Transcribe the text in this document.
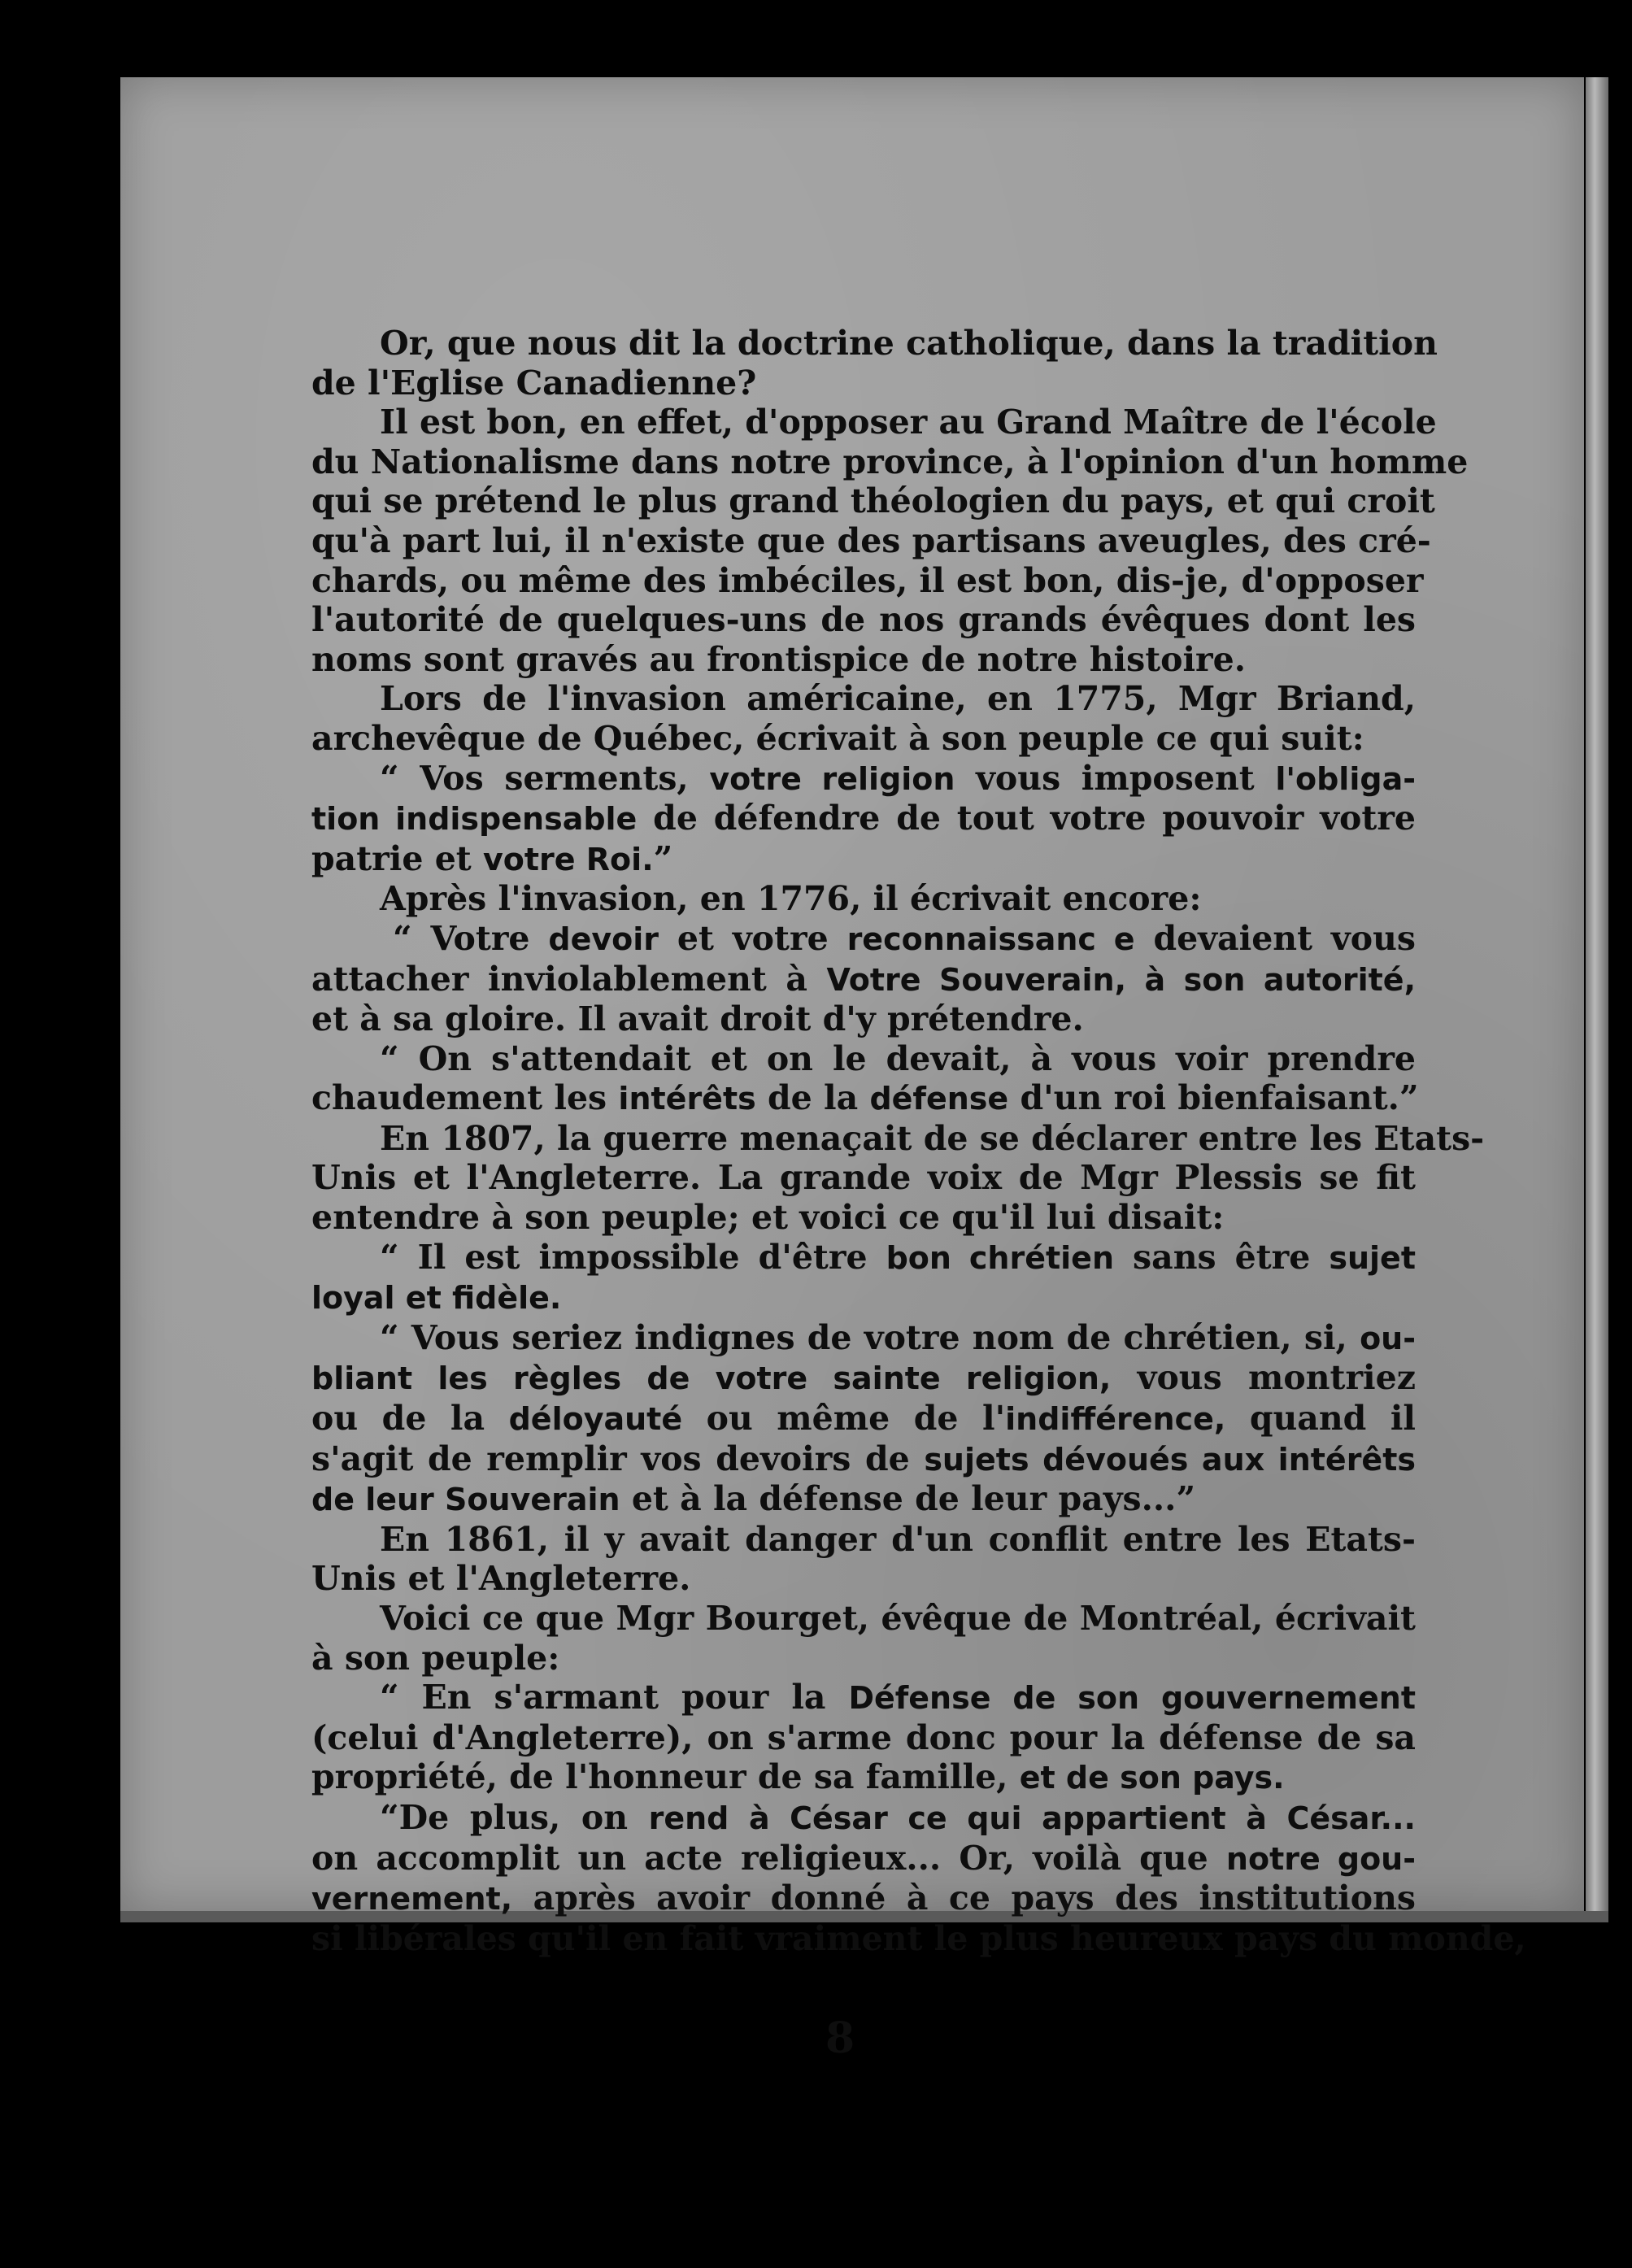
Or, que nous dit la doctrine catholique, dans la tradition
de l'Eglise Canadienne?
Il est bon, en effet, d'opposer au Grand Maître de l'école
du Nationalisme dans notre province, à l'opinion d'un homme
qui se prétend le plus grand théologien du pays, et qui croit
qu'à part lui, il n'existe que des partisans aveugles, des cré-
chards, ou même des imbéciles, il est bon, dis-je, d'opposer
l'autorité de quelques-uns de nos grands évêques dont les
noms sont gravés au frontispice de notre histoire.
Lors de l'invasion américaine, en 1775, Mgr Briand,
archevêque de Québec, écrivait à son peuple ce qui suit:
“ Vos serments, votre religion vous imposent l'obliga-
tion indispensable de défendre de tout votre pouvoir votre
patrie et votre Roi.”
Après l'invasion, en 1776, il écrivait encore:
“ Votre devoir et votre reconnaissanc e devaient vous
attacher inviolablement à Votre Souverain, à son autorité,
et à sa gloire. Il avait droit d'y prétendre.
“ On s'attendait et on le devait, à vous voir prendre
chaudement les intérêts de la défense d'un roi bienfaisant.”
En 1807, la guerre menaçait de se déclarer entre les Etats-
Unis et l'Angleterre. La grande voix de Mgr Plessis se fit
entendre à son peuple; et voici ce qu'il lui disait:
“ Il est impossible d'être bon chrétien sans être sujet
loyal et fidèle.
“ Vous seriez indignes de votre nom de chrétien, si, ou-
bliant les règles de votre sainte religion, vous montriez
ou de la déloyauté ou même de l'indifférence, quand il
s'agit de remplir vos devoirs de sujets dévoués aux intérêts
de leur Souverain et à la défense de leur pays...”
En 1861, il y avait danger d'un conflit entre les Etats-
Unis et l'Angleterre.
Voici ce que Mgr Bourget, évêque de Montréal, écrivait
à son peuple:
“ En s'armant pour la Défense de son gouvernement
(celui d'Angleterre), on s'arme donc pour la défense de sa
propriété, de l'honneur de sa famille, et de son pays.
“De plus, on rend à César ce qui appartient à César...
on accomplit un acte religieux... Or, voilà que notre gou-
vernement, après avoir donné à ce pays des institutions
si libérales qu'il en fait vraiment le plus heureux pays du monde,
8
